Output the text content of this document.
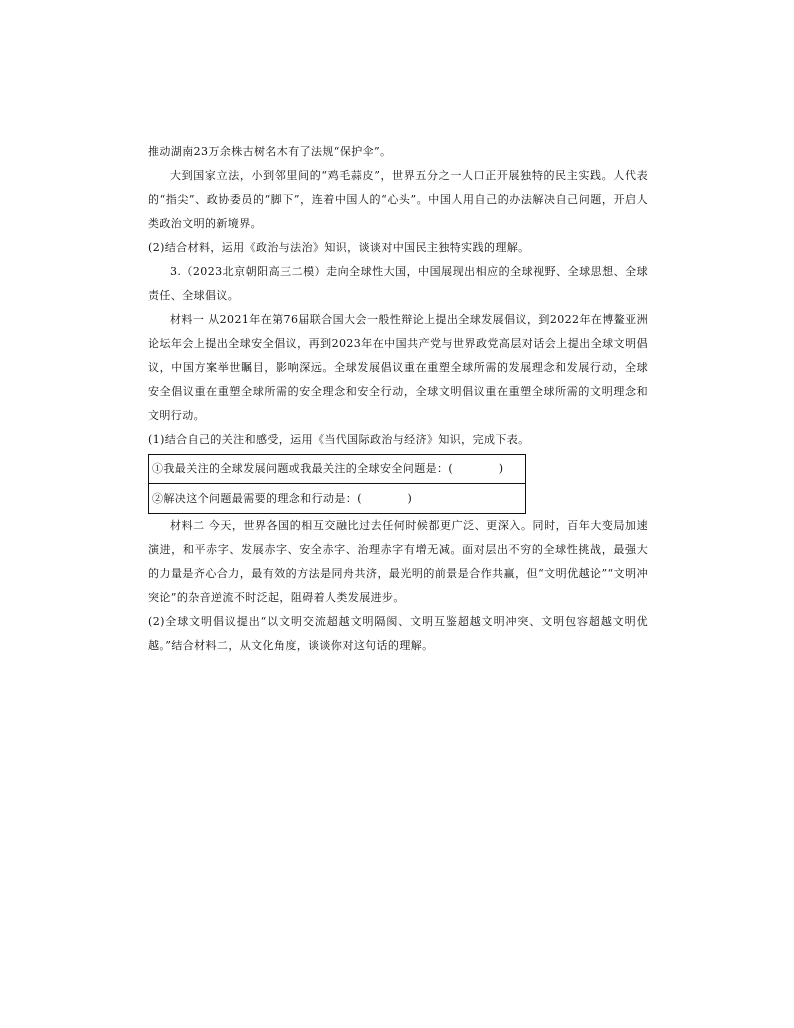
推动湖南23万余株古树名木有了法规“保护伞”。

大到国家立法，小到邻里间的“鸡毛蒜皮”，世界五分之一人口正开展独特的民主实践。人代表的“指尖”、政协委员的“脚下”，连着中国人的“心头”。中国人用自己的办法解决自己问题，开启人类政治文明的新境界。

(2)结合材料，运用《政治与法治》知识，谈谈对中国民主独特实践的理解。

3.（2023北京朝阳高三二模）走向全球性大国，中国展现出相应的全球视野、全球思想、全球责任、全球倡议。

材料一 从2021年在第76届联合国大会一般性辩论上提出全球发展倡议，到2022年在博鳌亚洲论坛年会上提出全球安全倡议，再到2023年在中国共产党与世界政党高层对话会上提出全球文明倡议，中国方案举世瞩目，影响深远。全球发展倡议重在重塑全球所需的发展理念和发展行动，全球安全倡议重在重塑全球所需的安全理念和安全行动，全球文明倡议重在重塑全球所需的文明理念和文明行动。

(1)结合自己的关注和感受，运用《当代国际政治与经济》知识，完成下表。

①我最关注的全球发展问题或我最关注的全球安全问题是：(　　　　)
②解决这个问题最需要的理念和行动是：(　　　　)

材料二 今天，世界各国的相互交融比过去任何时候都更广泛、更深入。同时，百年大变局加速演进，和平赤字、发展赤字、安全赤字、治理赤字有增无减。面对层出不穷的全球性挑战，最强大的力量是齐心合力，最有效的方法是同舟共济，最光明的前景是合作共赢，但“文明优越论”“文明冲突论”的杂音逆流不时泛起，阻碍着人类发展进步。

(2)全球文明倡议提出“以文明交流超越文明隔阂、文明互鉴超越文明冲突、文明包容超越文明优越。”结合材料二，从文化角度，谈谈你对这句话的理解。
